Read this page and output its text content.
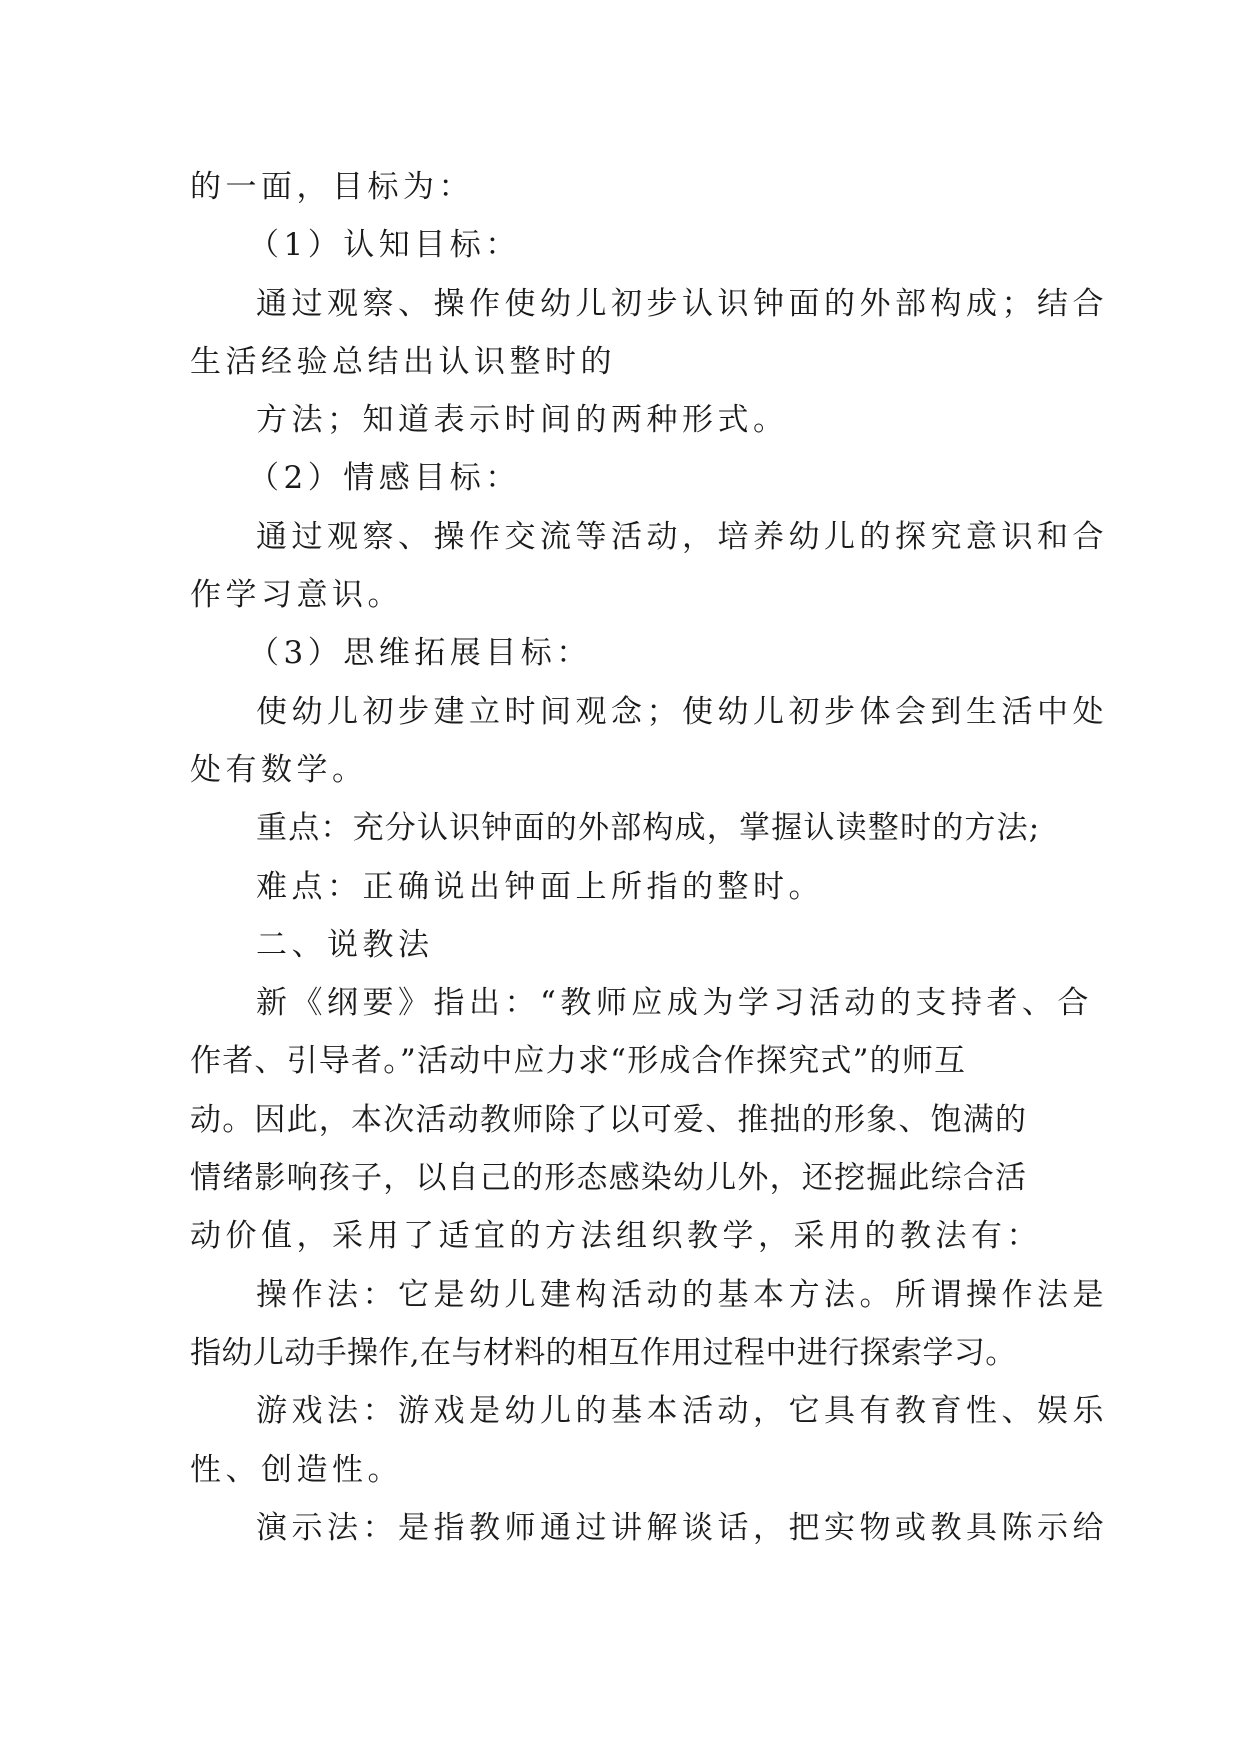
的一面，目标为：
（1）认知目标：
通过观察、操作使幼儿初步认识钟面的外部构成；结合
生活经验总结出认识整时的
方法；知道表示时间的两种形式。
（2）情感目标：
通过观察、操作交流等活动，培养幼儿的探究意识和合
作学习意识。
（3）思维拓展目标：
使幼儿初步建立时间观念；使幼儿初步体会到生活中处
处有数学。
重点：充分认识钟面的外部构成，掌握认读整时的方法;
难点：正确说出钟面上所指的整时。
二、说教法
新《纲要》指出：“教师应成为学习活动的支持者、合
作者、引导者。”活动中应力求“形成合作探究式”的师互
动。因此，本次活动教师除了以可爱、推拙的形象、饱满的
情绪影响孩子，以自己的形态感染幼儿外，还挖掘此综合活
动价值，采用了适宜的方法组织教学，采用的教法有：
操作法：它是幼儿建构活动的基本方法。所谓操作法是
指幼儿动手操作,在与材料的相互作用过程中进行探索学习。
游戏法：游戏是幼儿的基本活动，它具有教育性、娱乐
性、创造性。
演示法：是指教师通过讲解谈话，把实物或教具陈示给
